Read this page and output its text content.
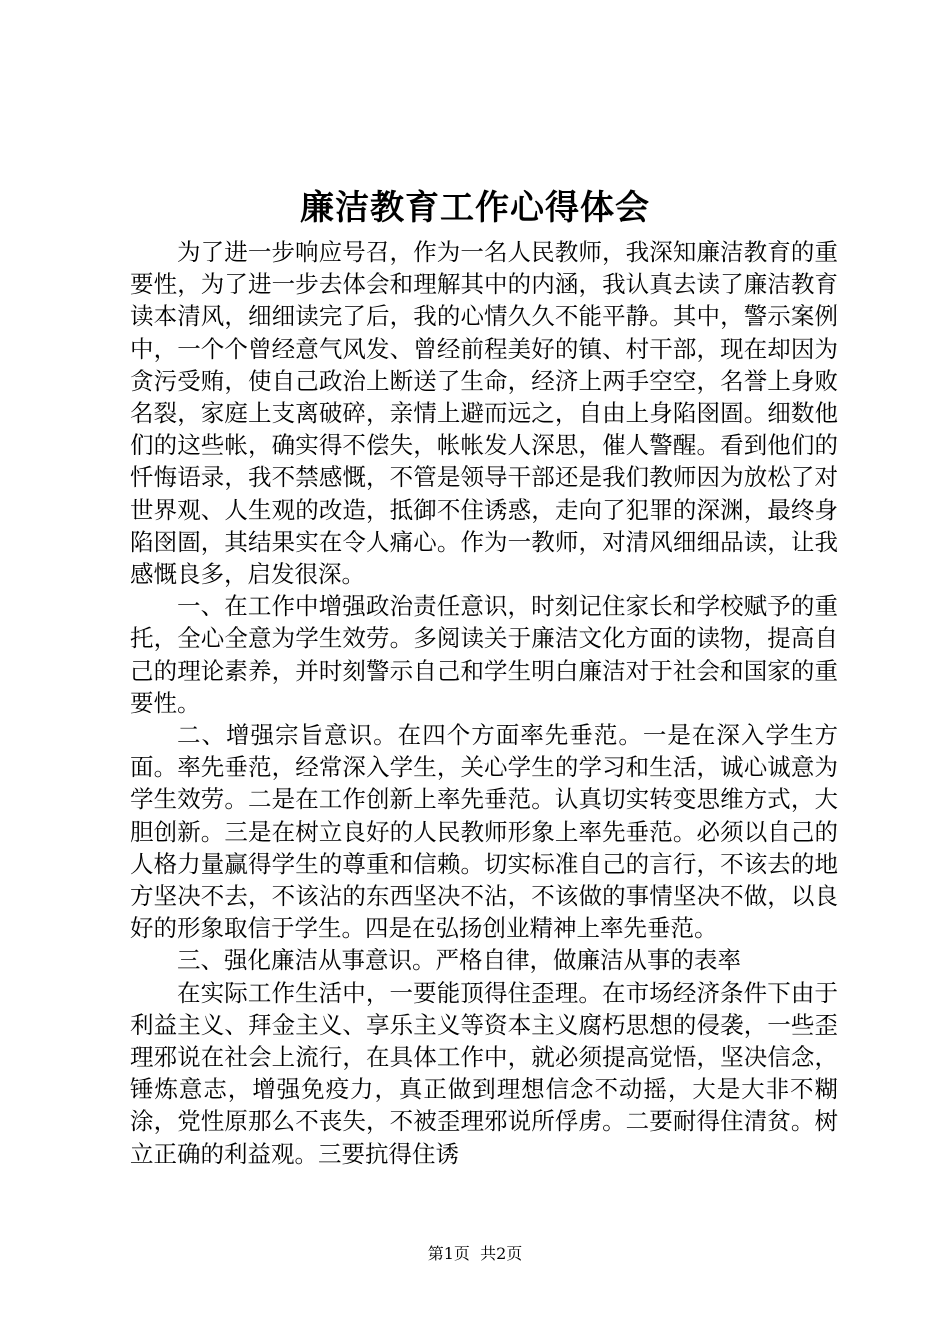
廉洁教育工作心得体会

为了进一步响应号召，作为一名人民教师，我深知廉洁教育的重要性，为了进一步去体会和理解其中的内涵，我认真去读了廉洁教育读本清风，细细读完了后，我的心情久久不能平静。其中，警示案例中，一个个曾经意气风发、曾经前程美好的镇、村干部，现在却因为贪污受贿，使自己政治上断送了生命，经济上两手空空，名誉上身败名裂，家庭上支离破碎，亲情上避而远之，自由上身陷囹圄。细数他们的这些帐，确实得不偿失，帐帐发人深思，催人警醒。看到他们的忏悔语录，我不禁感慨，不管是领导干部还是我们教师因为放松了对世界观、人生观的改造，抵御不住诱惑，走向了犯罪的深渊，最终身陷囹圄，其结果实在令人痛心。作为一教师，对清风细细品读，让我感慨良多，启发很深。

一、在工作中增强政治责任意识，时刻记住家长和学校赋予的重托，全心全意为学生效劳。多阅读关于廉洁文化方面的读物，提高自己的理论素养，并时刻警示自己和学生明白廉洁对于社会和国家的重要性。

二、增强宗旨意识。在四个方面率先垂范。一是在深入学生方面。率先垂范，经常深入学生，关心学生的学习和生活，诚心诚意为学生效劳。二是在工作创新上率先垂范。认真切实转变思维方式，大胆创新。三是在树立良好的人民教师形象上率先垂范。必须以自己的人格力量赢得学生的尊重和信赖。切实标准自己的言行，不该去的地方坚决不去，不该沾的东西坚决不沾，不该做的事情坚决不做，以良好的形象取信于学生。四是在弘扬创业精神上率先垂范。

三、强化廉洁从事意识。严格自律，做廉洁从事的表率

在实际工作生活中，一要能顶得住歪理。在市场经济条件下由于利益主义、拜金主义、享乐主义等资本主义腐朽思想的侵袭，一些歪理邪说在社会上流行，在具体工作中，就必须提高觉悟，坚决信念，锤炼意志，增强免疫力，真正做到理想信念不动摇，大是大非不糊涂，党性原那么不丧失，不被歪理邪说所俘虏。二要耐得住清贫。树立正确的利益观。三要抗得住诱

第1页 共2页
